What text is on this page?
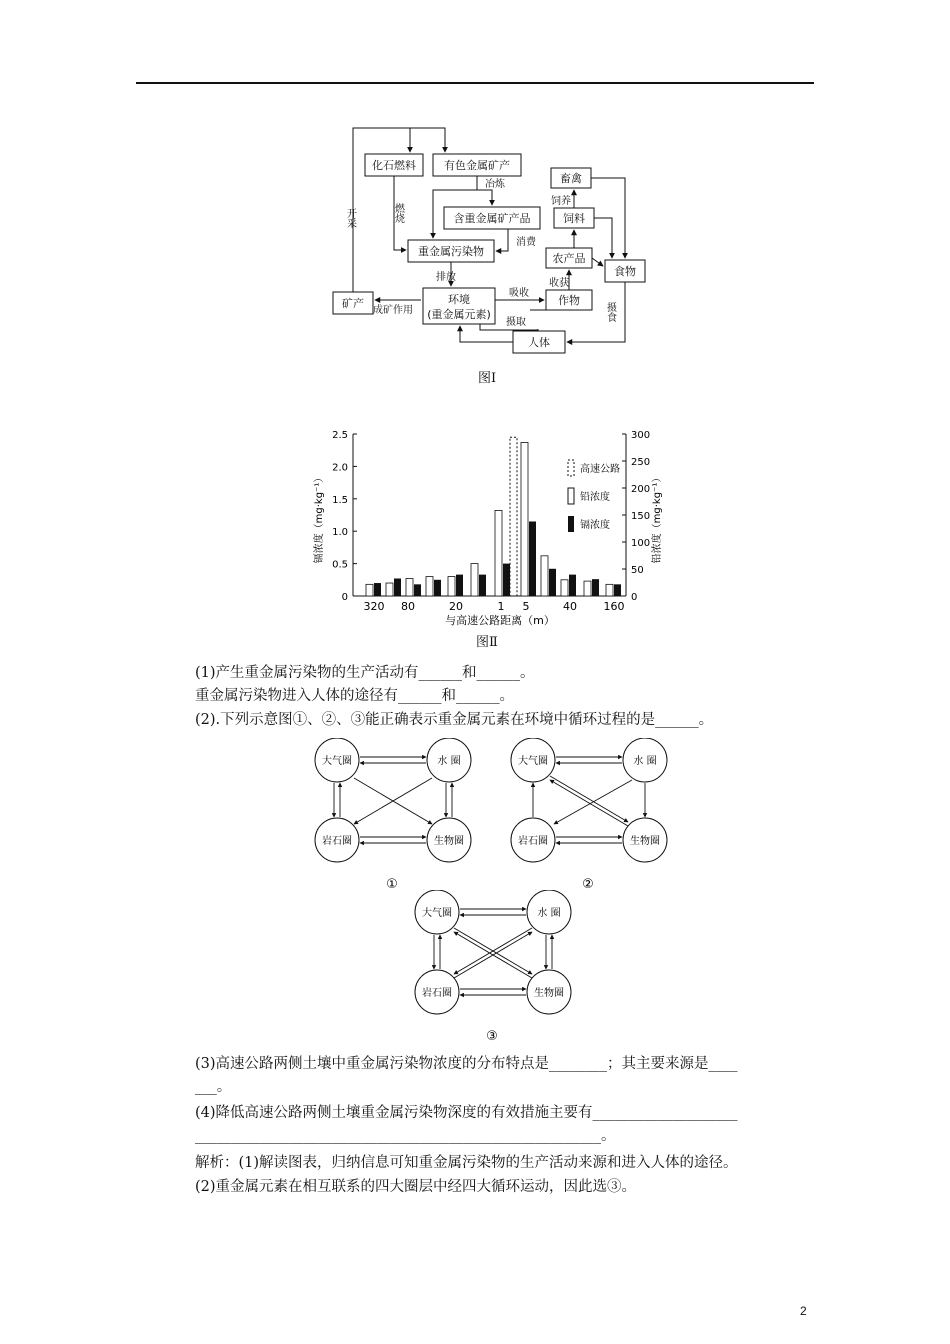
化石燃料	有色金属矿产
含重金属矿产品
重金属污染物
畜禽
饲料
农产品
食物
作物
矿产	环境
(重金属元素)
人体
冶炼
消费
排放
成矿作用
吸收
摄取
收获
饲养
燃烧
开采
摄食
图Ⅰ
0
0.5
1.0
1.5
2.0
2.5
0
50
100
150
200
250
300
320 80	20	1 5	40 160
镉浓度（mg·kg⁻¹）	铅浓度（mg·kg⁻¹）
与高速公路距离（m）
高速公路
铅浓度
镉浓度
图Ⅱ
(1)产生重金属污染物的生产活动有______和______。
重金属污染物进入人体的途径有______和______。
(2).下列示意图①、②、③能正确表示重金属元素在环境中循环过程的是______。
大气圈	水 圈
岩石圈	生物圈
①
大气圈	水 圈
岩石圈	生物圈
②
大气圈	水 圈
岩石圈	生物圈
③
(3)高速公路两侧土壤中重金属污染物浓度的分布特点是________；其主要来源是____
___。
(4)降低高速公路两侧土壤重金属污染物深度的有效措施主要有____________________
________________________________________________________。
解析：(1)解读图表，归纳信息可知重金属污染物的生产活动来源和进入人体的途径。
(2)重金属元素在相互联系的四大圈层中经四大循环运动，因此选③。
2
